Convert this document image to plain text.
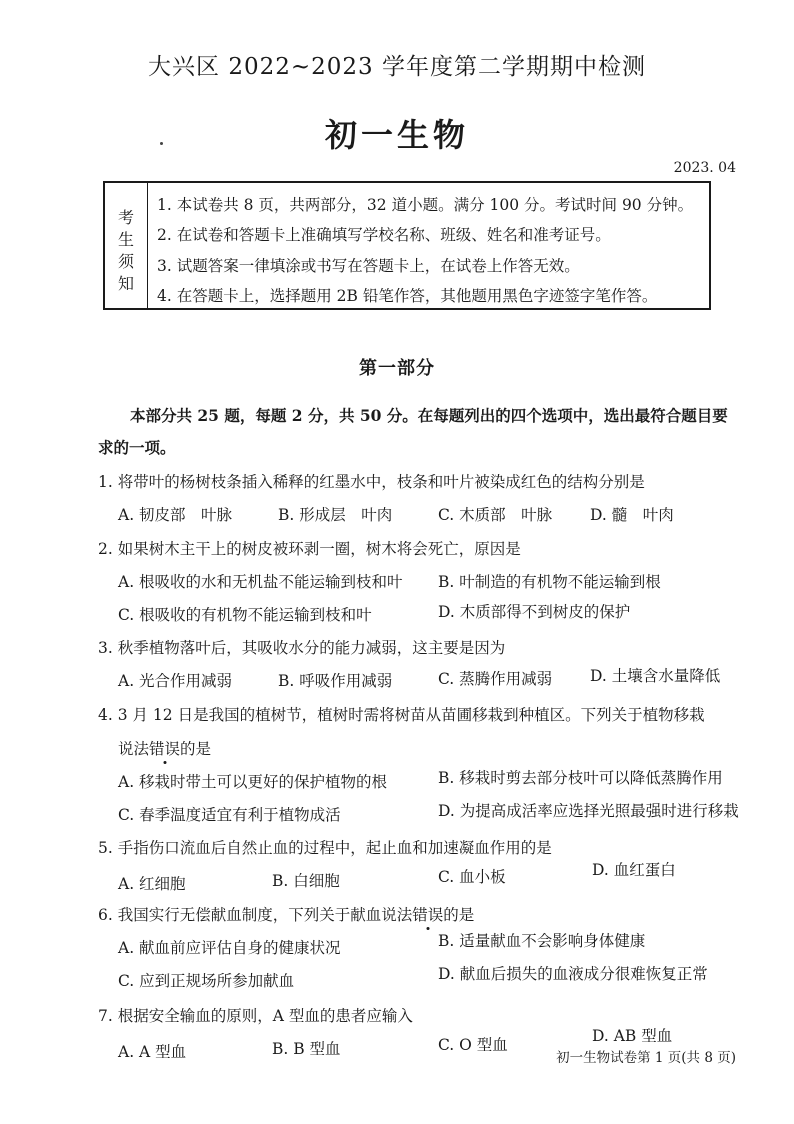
大兴区 2022~2023 学年度第二学期期中检测
初一生物
2023. 04
考
生
须
知
1. 本试卷共 8 页，共两部分，32 道小题。满分 100 分。考试时间 90 分钟。
2. 在试卷和答题卡上准确填写学校名称、班级、姓名和准考证号。
3. 试题答案一律填涂或书写在答题卡上，在试卷上作答无效。
4. 在答题卡上，选择题用 2B 铅笔作答，其他题用黑色字迹签字笔作答。
第一部分
本部分共 25 题，每题 2 分，共 50 分。在每题列出的四个选项中，选出最符合题目要
求的一项。
1. 将带叶的杨树枝条插入稀释的红墨水中，枝条和叶片被染成红色的结构分别是
A. 韧皮部　叶脉	B. 形成层　叶肉	C. 木质部　叶脉 D. 髓　叶肉
2. 如果树木主干上的树皮被环剥一圈，树木将会死亡，原因是
A. 根吸收的水和无机盐不能运输到枝和叶 B. 叶制造的有机物不能运输到根
C. 根吸收的有机物不能运输到枝和叶	D. 木质部得不到树皮的保护
3. 秋季植物落叶后，其吸收水分的能力减弱，这主要是因为
A. 光合作用减弱	B. 呼吸作用减弱	C. 蒸腾作用减弱 D. 土壤含水量降低
4. 3 月 12 日是我国的植树节，植树时需将树苗从苗圃移栽到种植区。下列关于植物移栽
说法错误的是
A. 移栽时带土可以更好的保护植物的根	B. 移栽时剪去部分枝叶可以降低蒸腾作用
C. 春季温度适宜有利于植物成活	D. 为提高成活率应选择光照最强时进行移栽
5. 手指伤口流血后自然止血的过程中，起止血和加速凝血作用的是
A. 红细胞	B. 白细胞	C. 血小板	D. 血红蛋白
6. 我国实行无偿献血制度，下列关于献血说法错误的是
A. 献血前应评估自身的健康状况	B. 适量献血不会影响身体健康
C. 应到正规场所参加献血	D. 献血后损失的血液成分很难恢复正常
7. 根据安全输血的原则，A 型血的患者应输入
A. A 型血	B. B 型血	C. O 型血	D. AB 型血
初一生物试卷第 1 页(共 8 页)
